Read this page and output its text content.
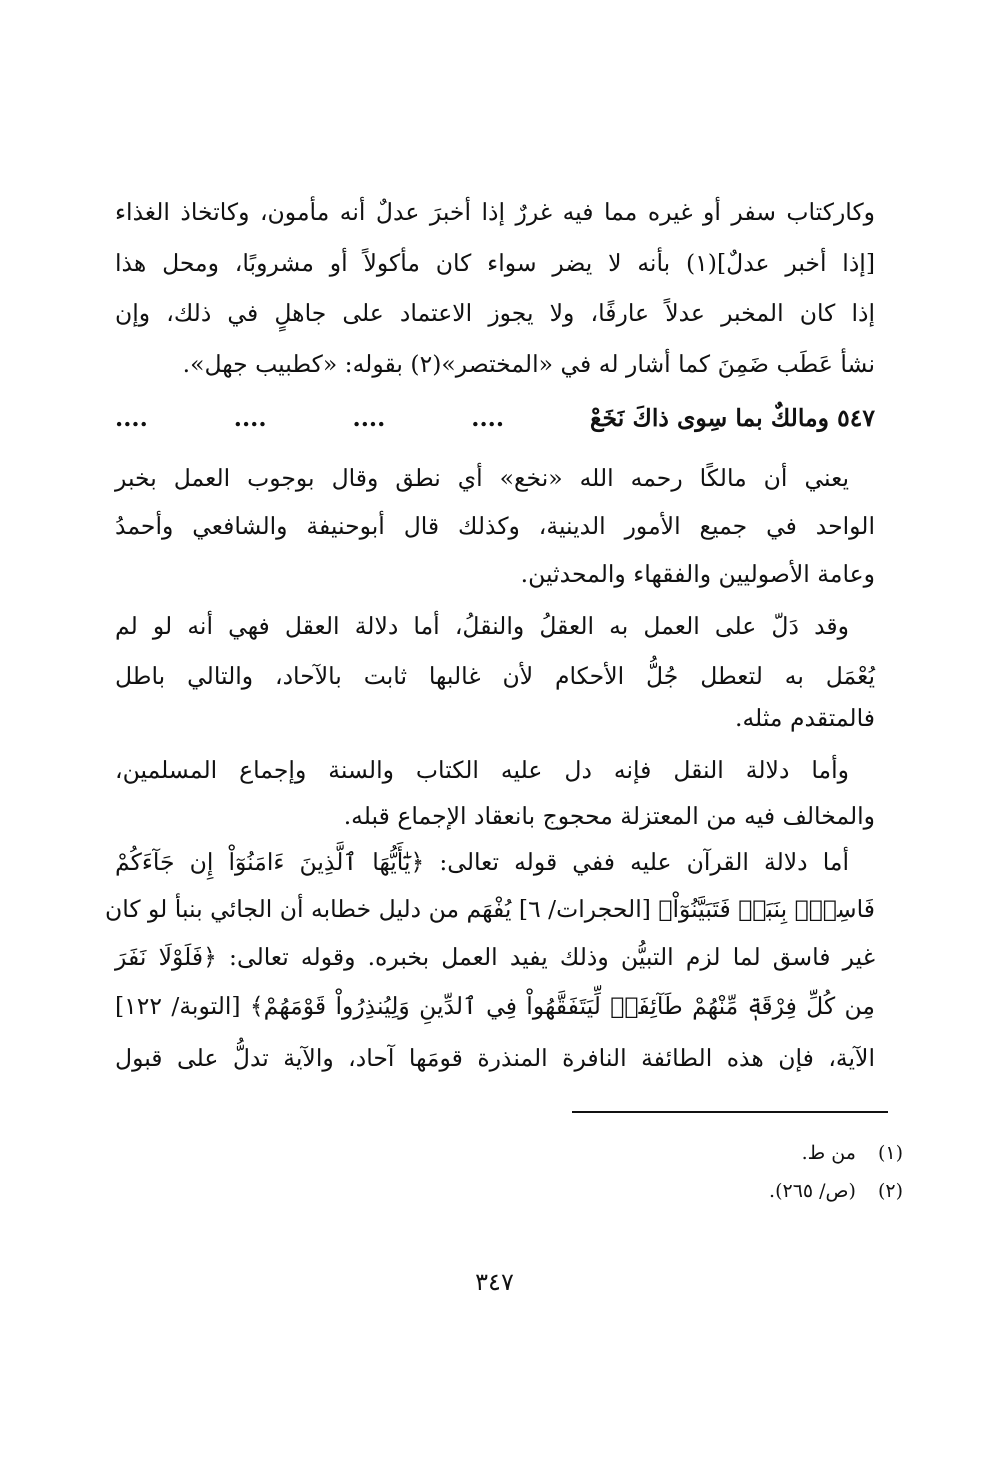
وكاركتاب سفر أو غيره مما فيه غررٌ إذا أخبرَ عدلٌ أنه مأمون، وكاتخاذ الغذاء
[إذا أخبر عدلٌ](١) بأنه لا يضر سواء كان مأكولاً أو مشروبًا، ومحل هذا
إذا كان المخبر عدلاً عارفًا، ولا يجوز الاعتماد على جاهلٍ في ذلك، وإن
نشأ عَطَب ضَمِنَ كما أشار له في «المختصر»(٢) بقوله: «كطبيب جهل».
٥٤٧ ومالكٌ بما سِوى ذاكَ نَخَعْ
....
....
....
....
يعني أن مالكًا رحمه الله «نخع» أي نطق وقال بوجوب العمل بخبر
الواحد في جميع الأمور الدينية، وكذلك قال أبوحنيفة والشافعي وأحمدُ
وعامة الأصوليين والفقهاء والمحدثين.
وقد دَلّ على العمل به العقلُ والنقلُ، أما دلالة العقل فهي أنه لو لم
يُعْمَل به لتعطل جُلُّ الأحكام لأن غالبها ثابت بالآحاد، والتالي باطل
فالمتقدم مثله.
وأما دلالة النقل فإنه دل عليه الكتاب والسنة وإجماع المسلمين،
والمخالف فيه من المعتزلة محجوج بانعقاد الإجماع قبله.
أما دلالة القرآن عليه ففي قوله تعالى: ﴿يَٰٓأَيُّهَا ٱلَّذِينَ ءَامَنُوٓاْ إِن جَآءَكُمْ
فَاسِقُۢ بِنَبَإٖ فَتَبَيَّنُوٓاْ﴾ [الحجرات/ ٦] يُفْهَم من دليل خطابه أن الجائي بنبأ لو كان
غير فاسق لما لزم التبيُّن وذلك يفيد العمل بخبره. وقوله تعالى: ﴿فَلَوْلَا نَفَرَ
مِن كُلِّ فِرْقَةٖ مِّنْهُمْ طَآئِفَةٞ لِّيَتَفَقَّهُواْ فِي ٱلدِّينِ وَلِيُنذِرُواْ قَوْمَهُمْ﴾ [التوبة/ ١٢٢]
الآية، فإن هذه الطائفة النافرة المنذرة قومَها آحاد، والآية تدلُّ على قبول
(١)من ط.
(٢)(ص/ ٢٦٥).
٣٤٧
